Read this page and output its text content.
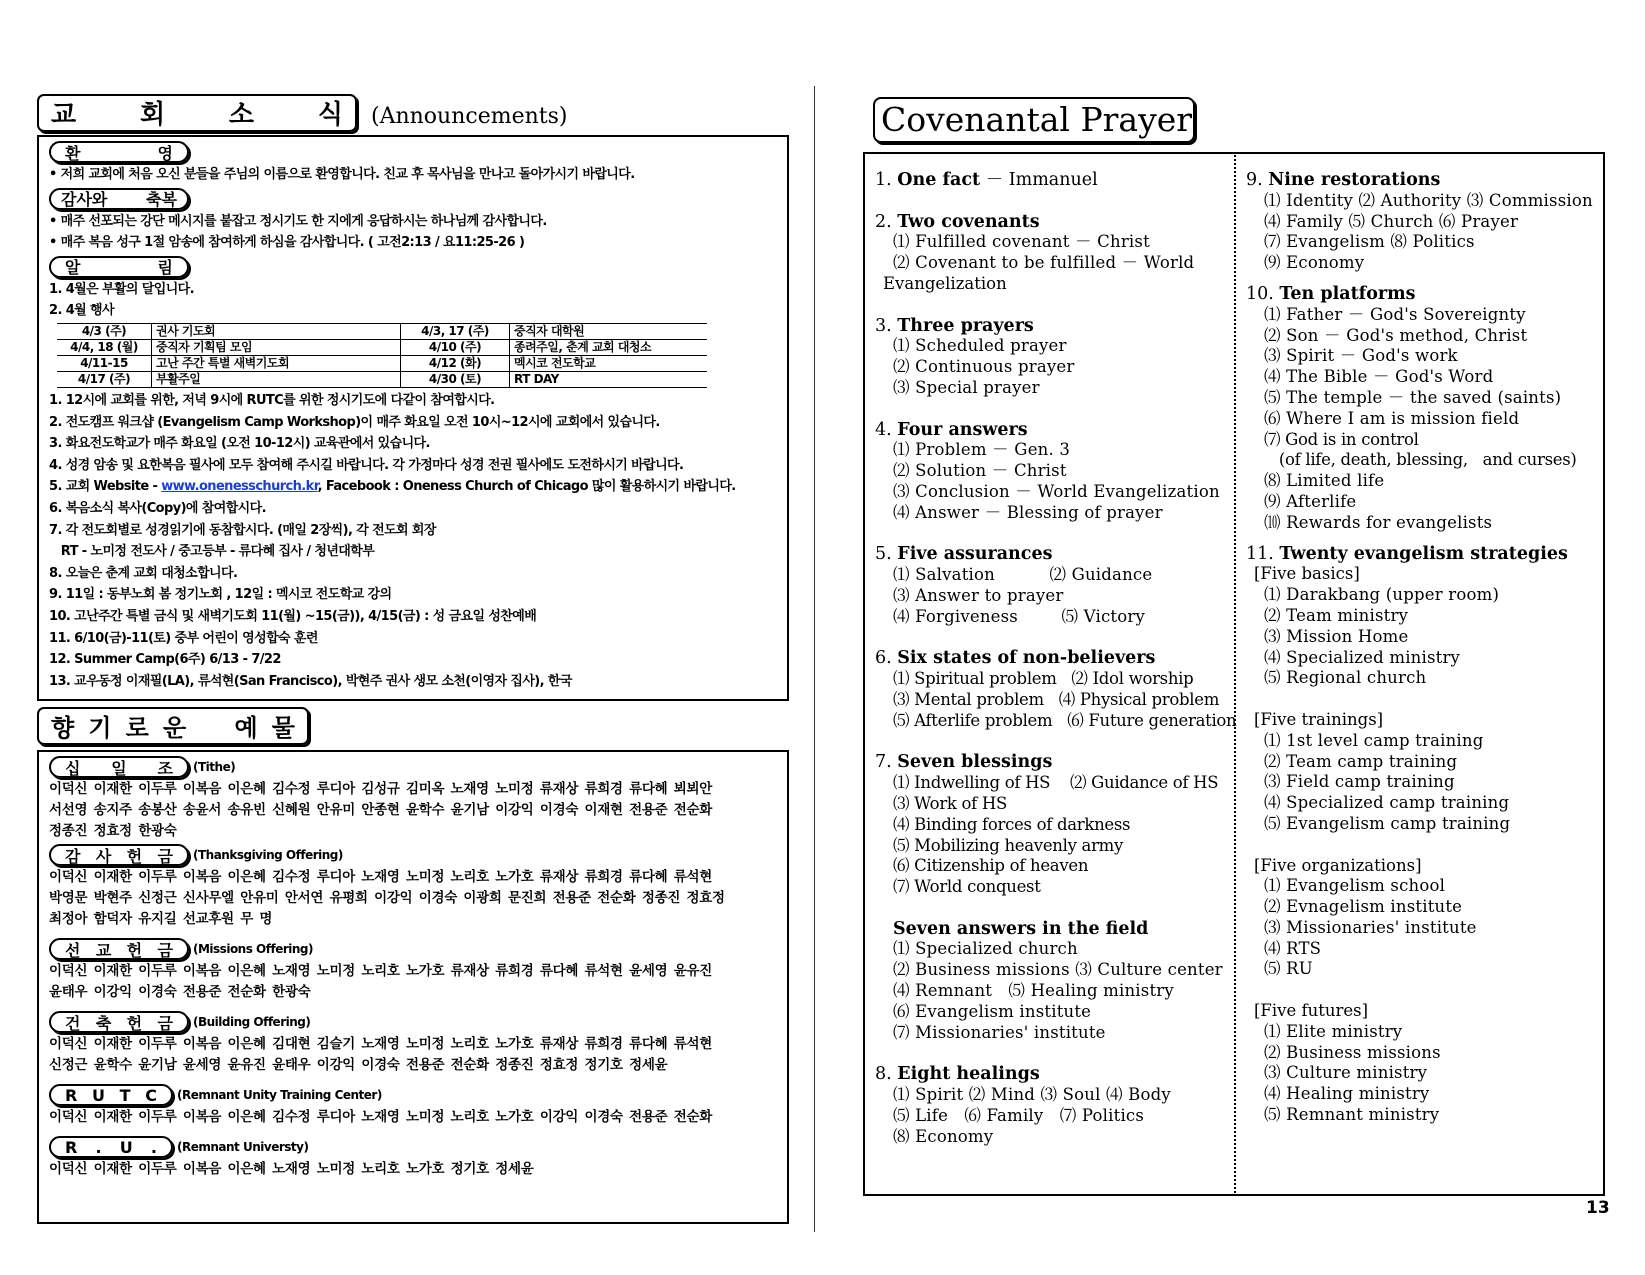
교 회 소 식 (Announcements)
환	영
• 저희 교회에 처음 오신 분들을 주님의 이름으로 환영합니다. 친교 후 목사님을 만나고 돌아가시기 바랍니다.
감사와 축복
• 매주 선포되는 강단 메시지를 붙잡고 정시기도 한 지에게 응답하시는 하나님께 감사합니다.
• 매주 복음 성구 1절 암송에 참여하게 하심을 감사합니다. ( 고전2:13 / 요11:25-26 )
알	림
1. 4월은 부활의 달입니다.
2. 4월 행사
4/3 (주)	권사 기도회	4/3, 17 (주)	중직자 대학원
4/4, 18 (월)	중직자 기획팀 모임	4/10 (주)	종려주일, 춘계 교회 대청소
4/11-15	고난 주간 특별 새벽기도회	4/12 (화)	멕시코 전도학교
4/17 (주)	부활주일	4/30 (토)	RT DAY
1. 12시에 교회를 위한, 저녁 9시에 RUTC를 위한 정시기도에 다같이 참여합시다.
2. 전도캠프 워크샵 (Evangelism Camp Workshop)이 매주 화요일 오전 10시~12시에 교회에서 있습니다.
3. 화요전도학교가 매주 화요일 (오전 10-12시) 교육관에서 있습니다.
4. 성경 암송 및 요한복음 필사에 모두 참여해 주시길 바랍니다. 각 가정마다 성경 전권 필사에도 도전하시기 바랍니다.
5. 교회 Website - www.onenesschurch.kr, Facebook : Oneness Church of Chicago 많이 활용하시기 바랍니다.
6. 복음소식 복사(Copy)에 참여합시다.
7. 각 전도회별로 성경읽기에 동참합시다. (매일 2장씩), 각 전도회 회장
RT - 노미정 전도사 / 중고등부 - 류다혜 집사 / 청년대학부
8. 오늘은 춘계 교회 대청소합니다.
9. 11일 : 동부노회 봄 정기노회 , 12일 : 멕시코 전도학교 강의
10. 고난주간 특별 금식 및 새벽기도회 11(월) ~15(금)), 4/15(금) : 성 금요일 성찬예배
11. 6/10(금)-11(토) 중부 어린이 영성합숙 훈련
12. Summer Camp(6주) 6/13 - 7/22
13. 교우동정 이재필(LA), 류석현(San Francisco), 박현주 권사 생모 소천(이영자 집사), 한국
향 기 로 운 예 물
십 일 조 (Tithe)
이덕신 이재한 이두루 이복음 이은혜 김수정 루디아 김성규 김미옥 노재영 노미정 류재상 류희경 류다혜 뵈뵈안
서선영 송지주 송봉산 송윤서 송유빈 신혜원 안유미 안종현 윤학수 윤기남 이강익 이경숙 이재현 전용준 전순화
정종진 정효정 한광숙
감 사 헌 금 (Thanksgiving Offering)
이덕신 이재한 이두루 이복음 이은혜 김수정 루디아 노재영 노미정 노리호 노가호 류재상 류희경 류다혜 류석현
박영문 박현주 신정근 신사무엘 안유미 안서연 유평희 이강익 이경숙 이광희 문진희 전용준 전순화 정종진 정효정
최정아 함덕자 유지길 선교후원 무 명
선 교 헌 금 (Missions Offering)
이덕신 이재한 이두루 이복음 이은혜 노재영 노미정 노리호 노가호 류재상 류희경 류다혜 류석현 윤세영 윤유진
윤태우 이강익 이경숙 전용준 전순화 한광숙
건 축 헌 금 (Building Offering)
이덕신 이재한 이두루 이복음 이은혜 김대현 김슬기 노재영 노미정 노리호 노가호 류재상 류희경 류다혜 류석현
신정근 윤학수 윤기남 윤세영 윤유진 윤태우 이강익 이경숙 전용준 전순화 정종진 정효정 정기호 정세윤
R U T C (Remnant Unity Training Center)
이덕신 이재한 이두루 이복음 이은혜 김수정 루디아 노재영 노미정 노리호 노가호 이강익 이경숙 전용준 전순화
R . U . (Remnant Universty)
이덕신 이재한 이두루 이복음 이은혜 노재영 노미정 노리호 노가호 정기호 정세윤
Covenantal Prayer
1. One fact － Immanuel
2. Two covenants
⑴ Fulfilled covenant － Christ
⑵ Covenant to be fulfilled － World
Evangelization
3. Three prayers
⑴ Scheduled prayer
⑵ Continuous prayer
⑶ Special prayer
4. Four answers
⑴ Problem － Gen. 3
⑵ Solution － Christ
⑶ Conclusion － World Evangelization
⑷ Answer － Blessing of prayer
5. Five assurances
⑴ Salvation          ⑵ Guidance
⑶ Answer to prayer
⑷ Forgiveness        ⑸ Victory
6. Six states of non-believers
⑴ Spiritual problem   ⑵ Idol worship
⑶ Mental problem   ⑷ Physical problem
⑸ Afterlife problem   ⑹ Future generation
7. Seven blessings
⑴ Indwelling of HS    ⑵ Guidance of HS
⑶ Work of HS
⑷ Binding forces of darkness
⑸ Mobilizing heavenly army
⑹ Citizenship of heaven
⑺ World conquest
Seven answers in the field
⑴ Specialized church
⑵ Business missions ⑶ Culture center
⑷ Remnant   ⑸ Healing ministry
⑹ Evangelism institute
⑺ Missionaries' institute
8. Eight healings
⑴ Spirit ⑵ Mind ⑶ Soul ⑷ Body
⑸ Life   ⑹ Family   ⑺ Politics
⑻ Economy
9. Nine restorations
⑴ Identity ⑵ Authority ⑶ Commission
⑷ Family ⑸ Church ⑹ Prayer
⑺ Evangelism ⑻ Politics
⑼ Economy
10. Ten platforms
⑴ Father － God's Sovereignty
⑵ Son － God's method, Christ
⑶ Spirit － God's work
⑷ The Bible － God's Word
⑸ The temple － the saved (saints)
⑹ Where I am is mission field
⑺ God is in control
(of life, death, blessing,   and curses)
⑻ Limited life
⑼ Afterlife
⑽ Rewards for evangelists
11. Twenty evangelism strategies
[Five basics]
⑴ Darakbang (upper room)
⑵ Team ministry
⑶ Mission Home
⑷ Specialized ministry
⑸ Regional church
[Five trainings]
⑴ 1st level camp training
⑵ Team camp training
⑶ Field camp training
⑷ Specialized camp training
⑸ Evangelism camp training
[Five organizations]
⑴ Evangelism school
⑵ Evnagelism institute
⑶ Missionaries' institute
⑷ RTS
⑸ RU
[Five futures]
⑴ Elite ministry
⑵ Business missions
⑶ Culture ministry
⑷ Healing ministry
⑸ Remnant ministry
13
